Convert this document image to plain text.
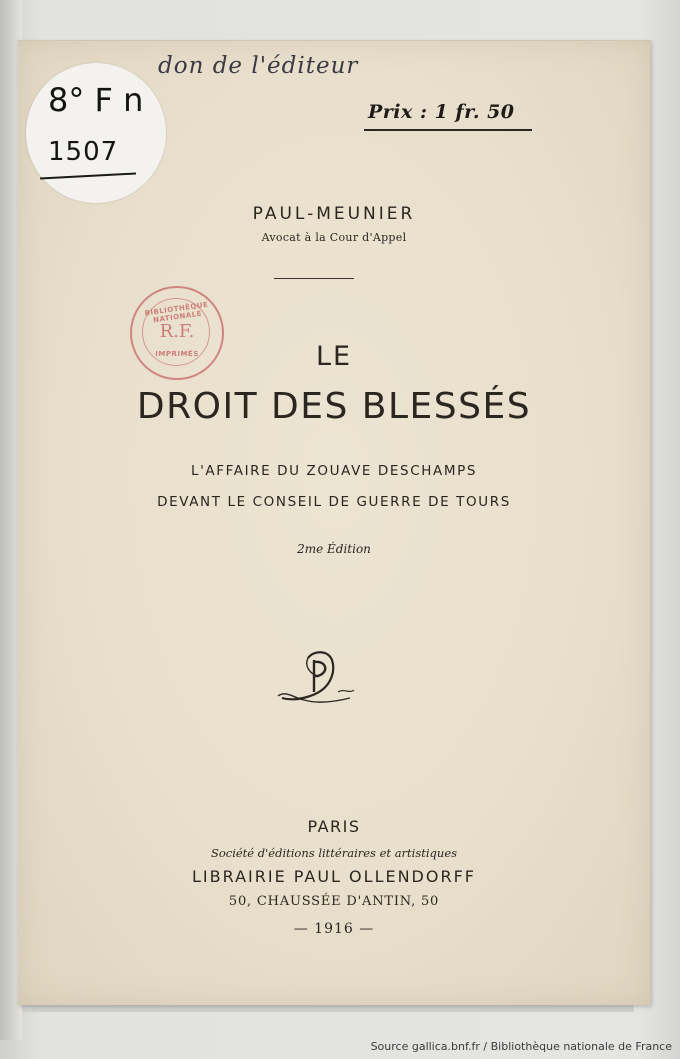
don de l'éditeur
Prix : 1 fr. 50
8° F n
1507
PAUL-MEUNIER
Avocat à la Cour d'Appel
BIBLIOTHÈQUE NATIONALE
R.F.
IMPRIMÉS	LE
DROIT DES BLESSÉS
L'AFFAIRE DU ZOUAVE DESCHAMPS
DEVANT LE CONSEIL DE GUERRE DE TOURS
2me Édition
PARIS
Société d'éditions littéraires et artistiques
LIBRAIRIE PAUL OLLENDORFF
50, CHAUSSÉE D'ANTIN, 50
— 1916 —
Source gallica.bnf.fr / Bibliothèque nationale de France
